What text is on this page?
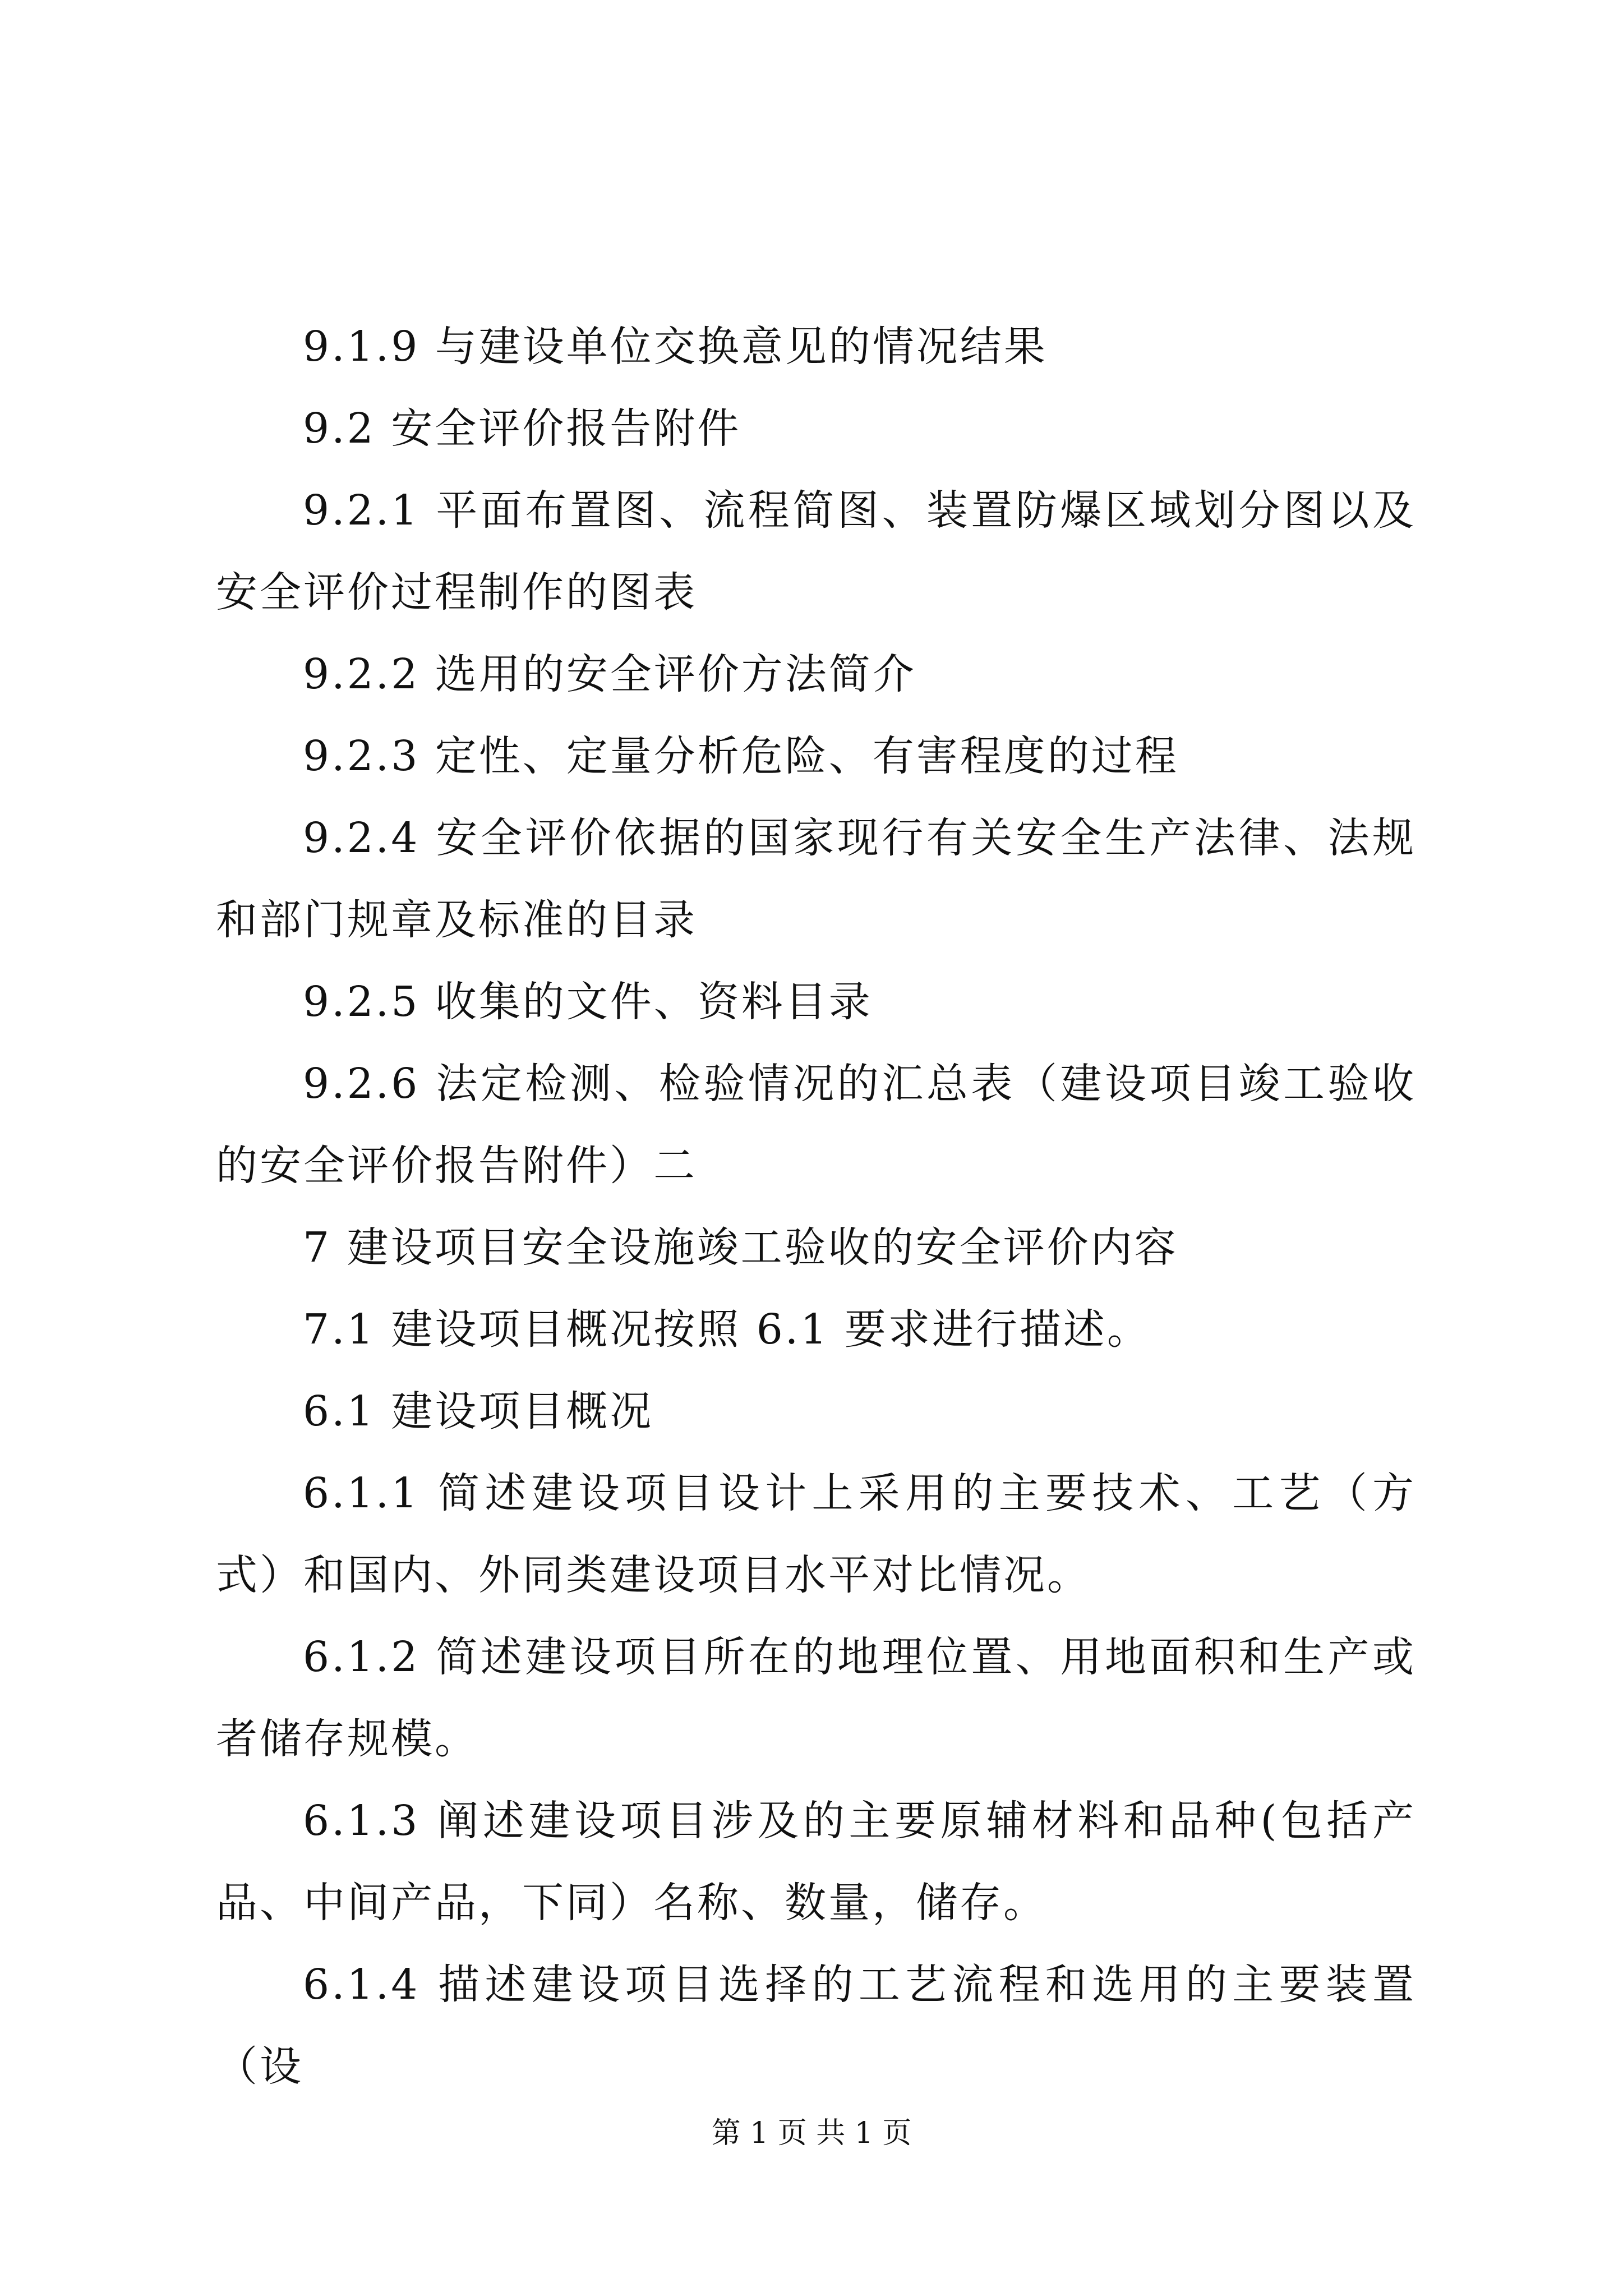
9.1.9 与建设单位交换意见的情况结果

9.2 安全评价报告附件

9.2.1 平面布置图、流程简图、装置防爆区域划分图以及安全评价过程制作的图表

9.2.2 选用的安全评价方法简介

9.2.3 定性、定量分析危险、有害程度的过程

9.2.4 安全评价依据的国家现行有关安全生产法律、法规和部门规章及标准的目录

9.2.5 收集的文件、资料目录

9.2.6 法定检测、检验情况的汇总表（建设项目竣工验收的安全评价报告附件）二

7 建设项目安全设施竣工验收的安全评价内容

7.1 建设项目概况按照 6.1 要求进行描述。

6.1 建设项目概况

6.1.1 简述建设项目设计上采用的主要技术、工艺（方式）和国内、外同类建设项目水平对比情况。

6.1.2 简述建设项目所在的地理位置、用地面积和生产或者储存规模。

6.1.3 阐述建设项目涉及的主要原辅材料和品种(包括产品、中间产品，下同）名称、数量，储存。

6.1.4 描述建设项目选择的工艺流程和选用的主要装置（设

第 1 页 共 1 页
